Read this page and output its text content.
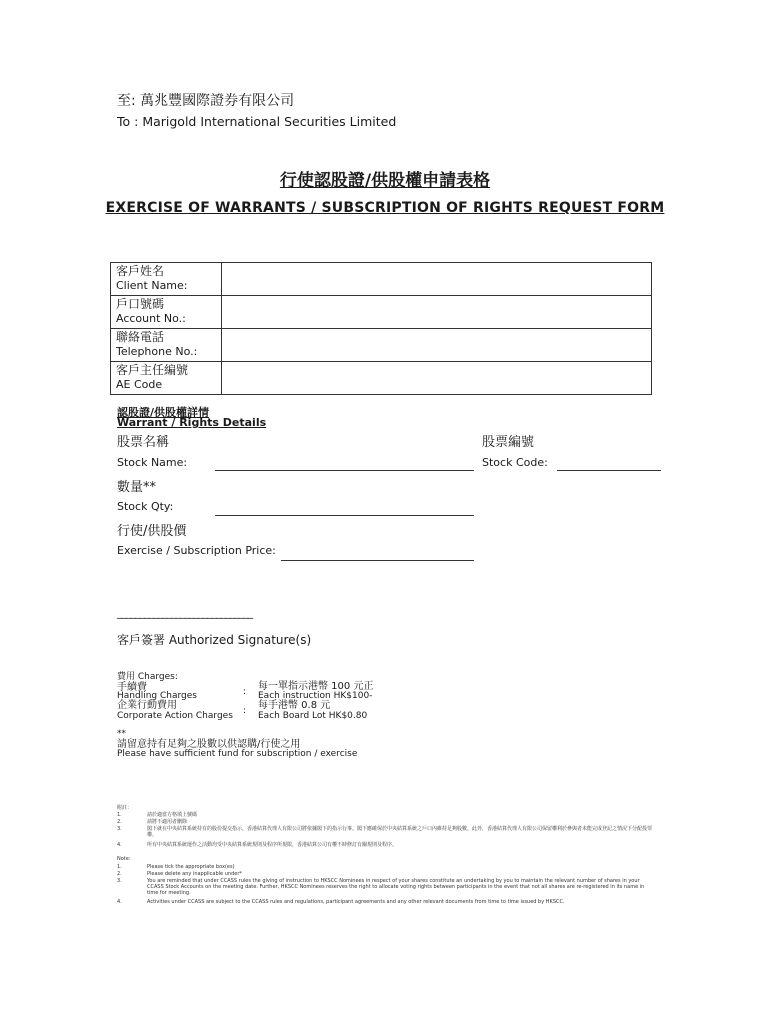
至: 萬兆豐國際證券有限公司
To : Marigold International Securities Limited
行使認股證/供股權申請表格
EXERCISE OF WARRANTS / SUBSCRIPTION OF RIGHTS REQUEST FORM
客戶姓名
Client Name:	

戶口號碼
Account No.:	

聯絡電話
Telephone No.:	

客戶主任編號
AE Code	

認股證/供股權詳情
Warrant / Rights Details
股票名稱	股票編號
Stock Name:	Stock Code:
數量**
Stock Qty:
行使/供股價
Exercise / Subscription Price:
______________________________
客戶簽署 Authorized Signature(s)
費用 Charges:
手續費
Handling Charges	: 每一單指示港幣 100 元正
Each instruction HK$100-
企業行動費用
Corporate Action Charges : 每手港幣 0.8 元
Each Board Lot HK$0.80
**
請留意持有足夠之股數以供認購/行使之用
Please have sufficient fund for subscription / exercise
附註：
1.	請於適當方格填上號碼
2.	請將不適用者刪除
3.	閣下就在中央結算系統持有的股份提交指示，香港結算代理人有限公司將依據閣下的指示行事。閣下應確保於中央結算系統之戶口內維持足夠股數。此外，香港結算代理人有限公司保留權利於參與者未能完成登記之情況下分配投票權。
4.	所有中央結算系統運作之活動均受中央結算系統規則及程序所規限，香港結算公司有權不時修訂有關規則及程序。
Note:
1.	Please tick the appropriate box(es)
2.	Please delete any inapplicable under*
3.	You are reminded that under CCASS rules the giving of instruction to HKSCC Nominees in respect of your shares constitute an undertaking by you to maintain the relevant number of shares in your CCASS Stock Accounts on the meeting date. Further, HKSCC Nominees reserves the right to allocate voting rights between participants in the event that not all shares are re-registered in its name in time for meeting.
4.	Activities under CCASS are subject to the CCASS rules and regulations, participant agreements and any other relevant documents from time to time issued by HKSCC.
